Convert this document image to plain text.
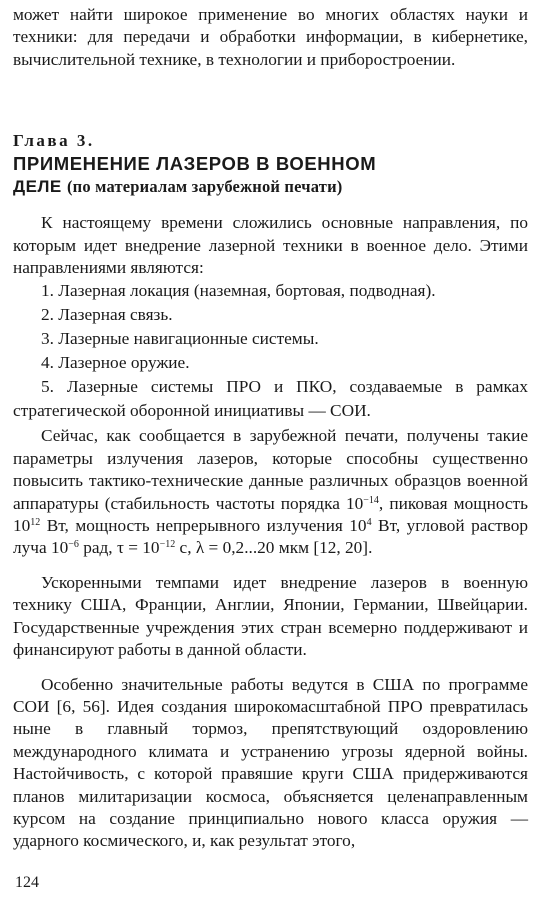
может найти широкое применение во многих областях науки и техники: для передачи и обработки информации, в кибернетике, вычислительной технике, в технологии и приборостроении.

Глава 3.
ПРИМЕНЕНИЕ ЛАЗЕРОВ В ВОЕННОМ
ДЕЛЕ (по материалам зарубежной печати)

К настоящему времени сложились основные направления, по которым идет внедрение лазерной техники в военное дело. Этими направлениями являются:

1. Лазерная локация (наземная, бортовая, подводная).

2. Лазерная связь.

3. Лазерные навигационные системы.

4. Лазерное оружие.

5. Лазерные системы ПРО и ПКО, создаваемые в рамках стратегической оборонной инициативы — СОИ.

Сейчас, как сообщается в зарубежной печати, получены такие параметры излучения лазеров, которые способны существенно повысить тактико-технические данные различных образцов военной аппаратуры (стабильность частоты порядка $10^{-14}$, пиковая мощность $10^{12}$ Вт, мощность непрерывного излучения $10^4$ Вт, угловой раствор луча $10^{-6}$ рад, $\tau = 10^{-12}$ с, λ = 0,2...20 мкм [12, 20].

Ускоренными темпами идет внедрение лазеров в военную технику США, Франции, Англии, Японии, Германии, Швейцарии. Государственные учреждения этих стран всемерно поддерживают и финансируют работы в данной области.

Особенно значительные работы ведутся в США по программе СОИ [6, 56]. Идея создания широкомасштабной ПРО превратилась ныне в главный тормоз, препятствующий оздоровлению международного климата и устранению угрозы ядерной войны. Настойчивость, с которой правяшие круги США придерживаются планов милитаризации космоса, объясняется целенаправленным курсом на создание принципиально нового класса оружия — ударного космического, и, как результат этого,

124
